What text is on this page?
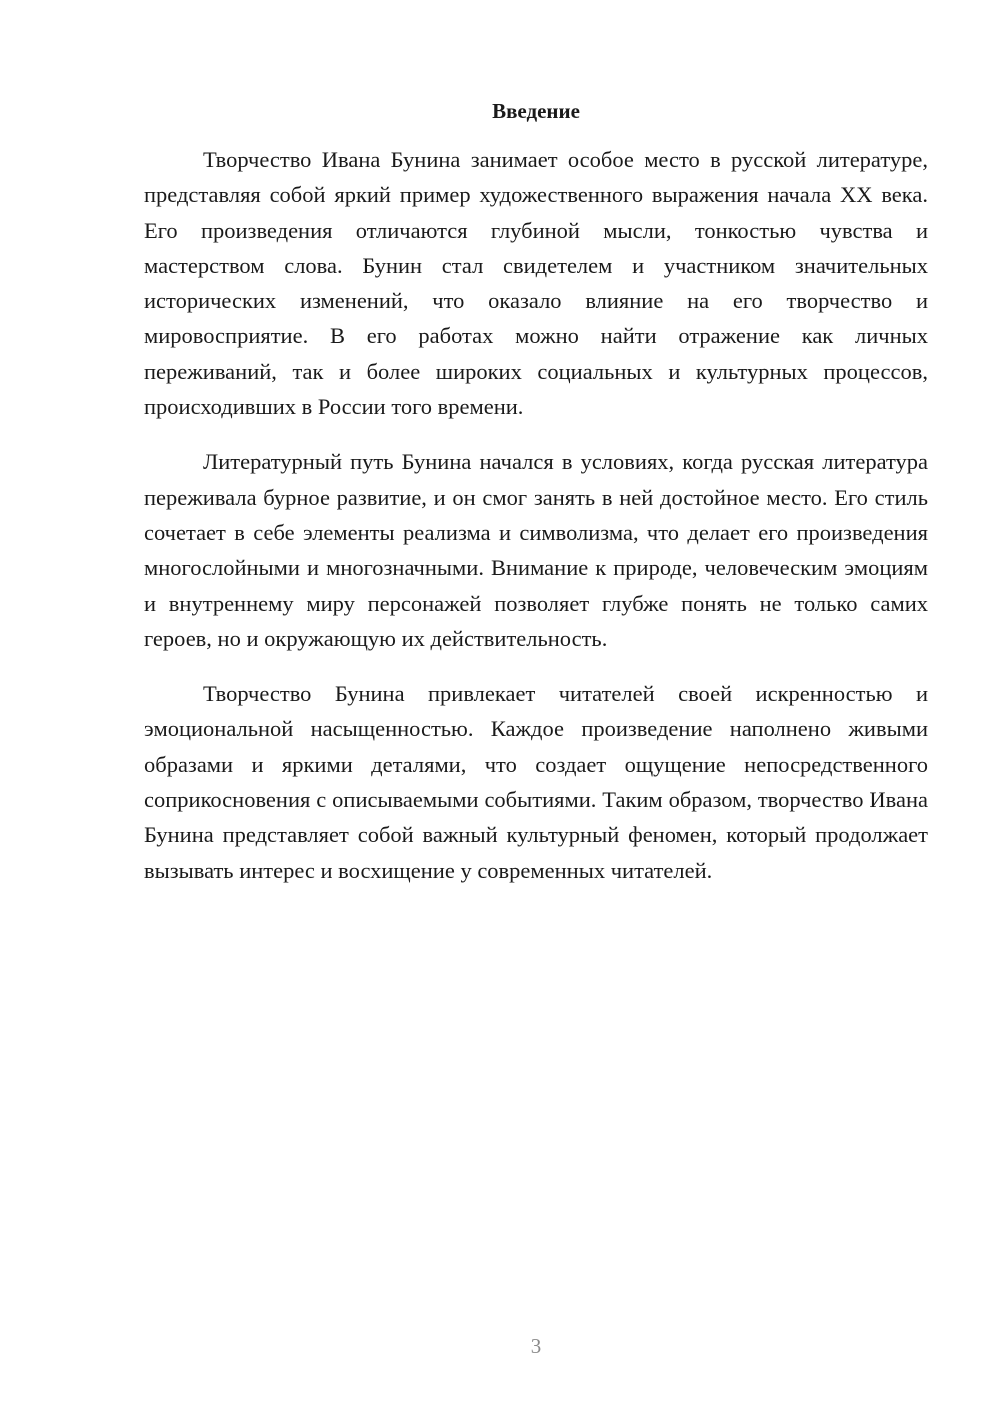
Введение

Творчество Ивана Бунина занимает особое место в русской литературе, представляя собой яркий пример художественного выражения начала XX века. Его произведения отличаются глубиной мысли, тонкостью чувства и мастерством слова. Бунин стал свидетелем и участником значительных исторических изменений, что оказало влияние на его творчество и мировосприятие. В его работах можно найти отражение как личных переживаний, так и более широких социальных и культурных процессов, происходивших в России того времени.

Литературный путь Бунина начался в условиях, когда русская литература переживала бурное развитие, и он смог занять в ней достойное место. Его стиль сочетает в себе элементы реализма и символизма, что делает его произведения многослойными и многозначными. Внимание к природе, человеческим эмоциям и внутреннему миру персонажей позволяет глубже понять не только самих героев, но и окружающую их действительность.

Творчество Бунина привлекает читателей своей искренностью и эмоциональной насыщенностью. Каждое произведение наполнено живыми образами и яркими деталями, что создает ощущение непосредственного соприкосновения с описываемыми событиями. Таким образом, творчество Ивана Бунина представляет собой важный культурный феномен, который продолжает вызывать интерес и восхищение у современных читателей.

3
